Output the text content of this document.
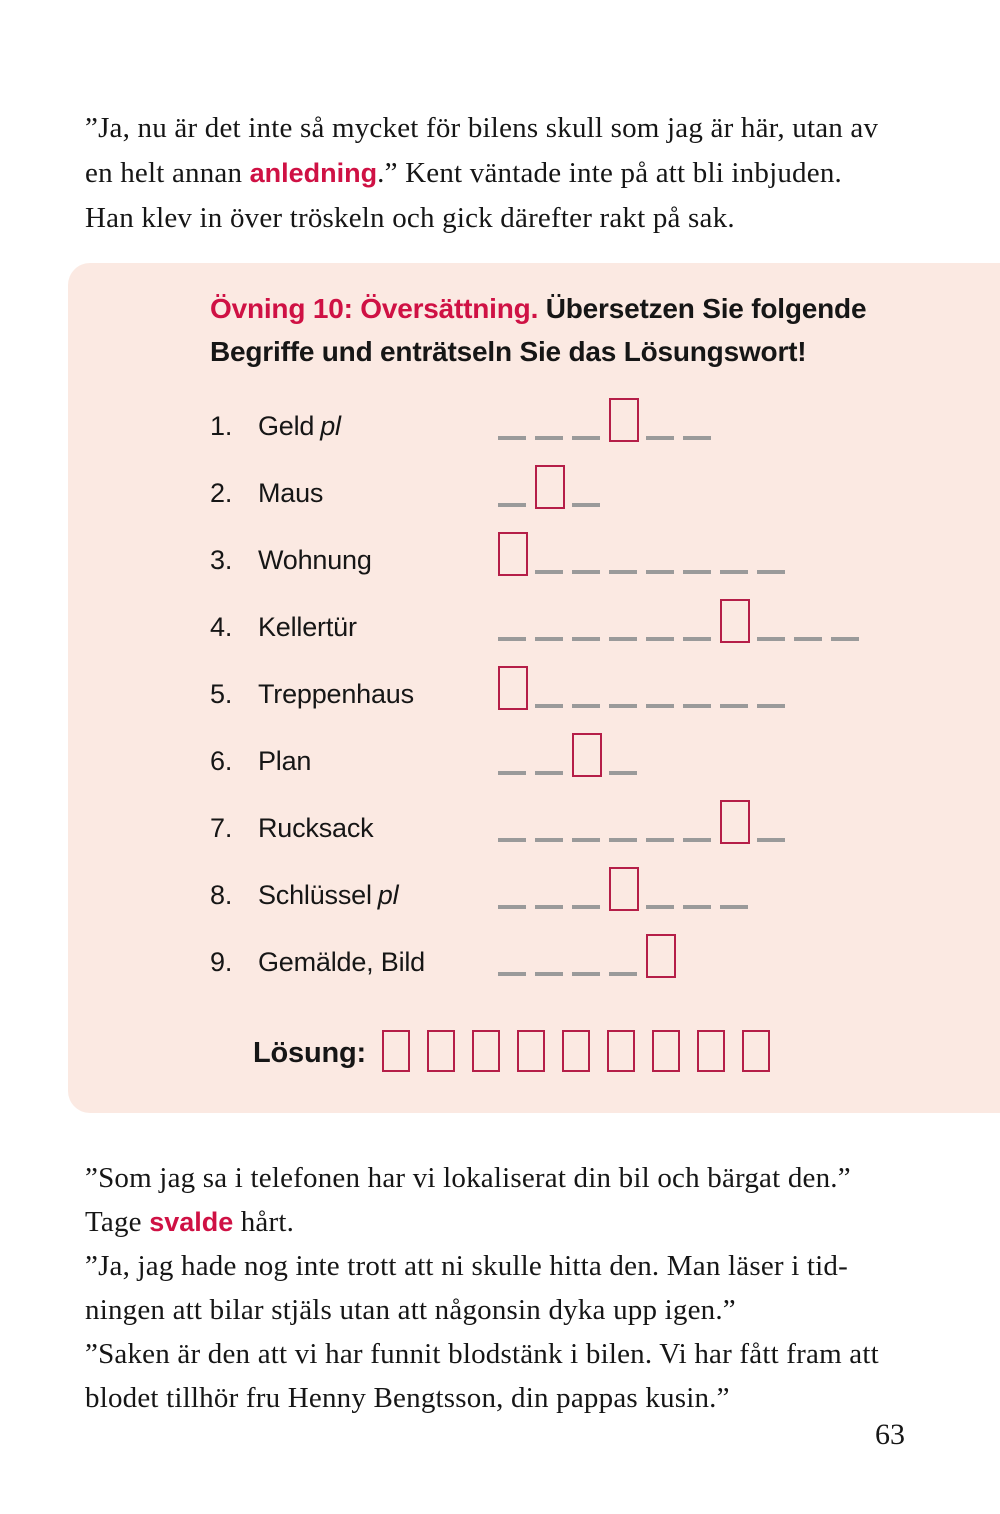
”Ja, nu är det inte så mycket för bilens skull som jag är här, utan av
en helt annan anledning.” Kent väntade inte på att bli inbjuden.
Han klev in över tröskeln och gick därefter rakt på sak.
Övning 10: Översättning. Übersetzen Sie folgende
Begriffe und enträtseln Sie das Lösungswort!
1. Geld pl
2. Maus
3. Wohnung
4. Kellertür
5. Treppenhaus
6. Plan
7. Rucksack
8. Schlüssel pl
9. Gemälde, Bild
Lösung:
”Som jag sa i telefonen har vi lokaliserat din bil och bärgat den.”
Tage svalde hårt.
”Ja, jag hade nog inte trott att ni skulle hitta den. Man läser i tid-
ningen att bilar stjäls utan att någonsin dyka upp igen.”
”Saken är den att vi har funnit blodstänk i bilen. Vi har fått fram att
blodet tillhör fru Henny Bengtsson, din pappas kusin.”
63
